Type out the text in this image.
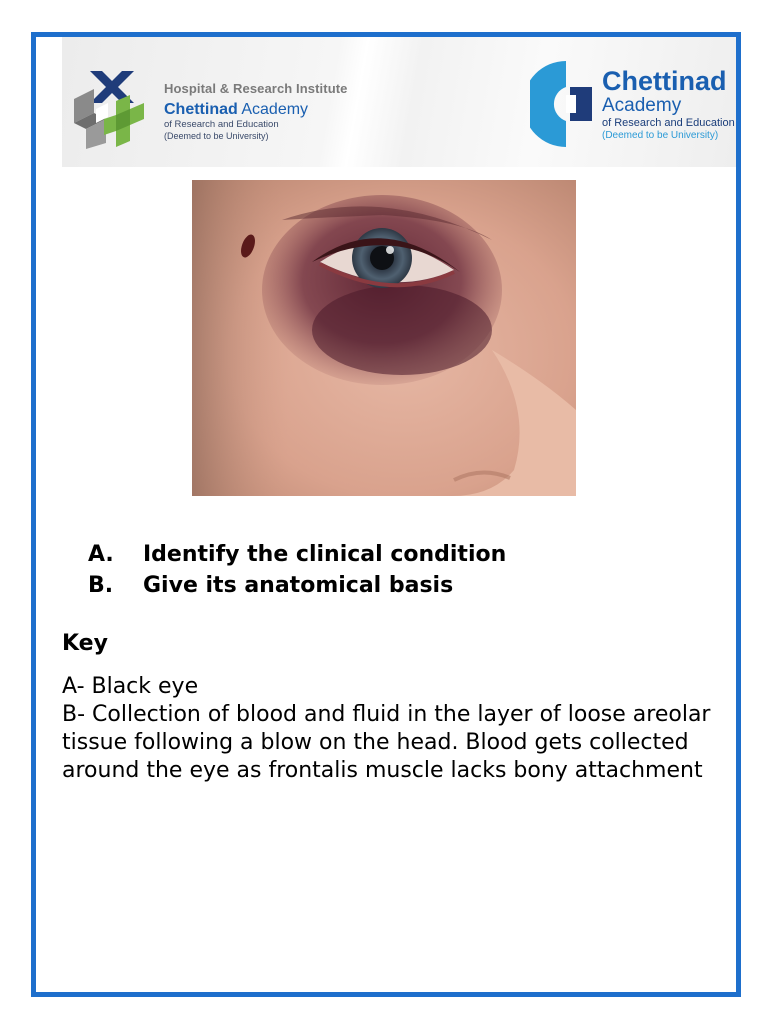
Hospital & Research Institute
Chettinad Academy
of Research and Education
(Deemed to be University)
Chettinad
Academy
of Research and Education
(Deemed to be University)
A.	Identify the clinical condition
B.	Give its anatomical basis
Key

A- Black eye

B- Collection of blood and fluid in the layer of loose areolar tissue following a blow on the head. Blood gets collected around the eye as frontalis muscle lacks bony attachment
